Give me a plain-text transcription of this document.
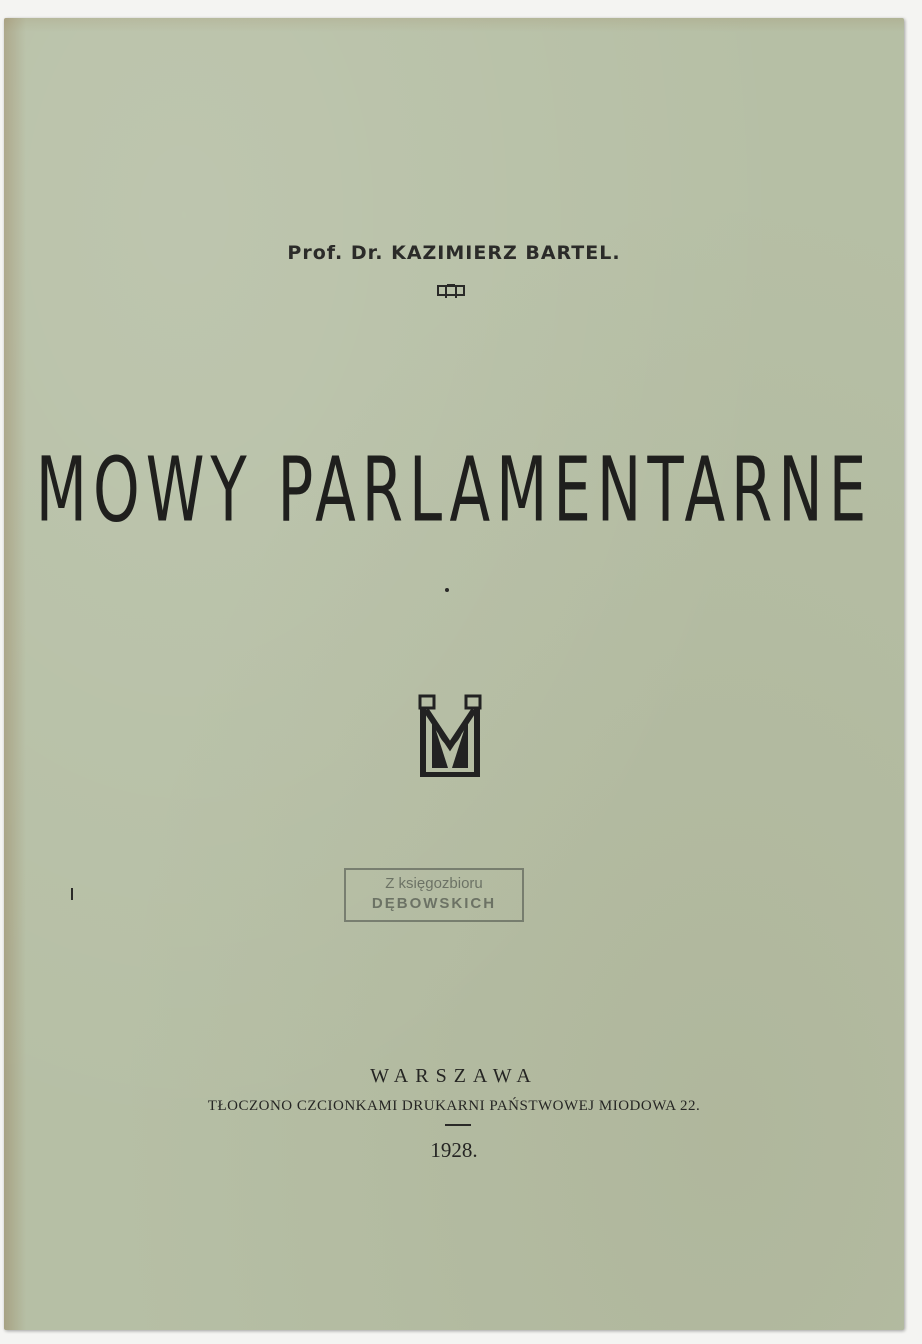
Prof. Dr. KAZIMIERZ BARTEL.
MOWY PARLAMENTARNE
Z księgozbioru
DĘBOWSKICH
WARSZAWA
TŁOCZONO CZCIONKAMI DRUKARNI PAŃSTWOWEJ MIODOWA 22.
1928.
